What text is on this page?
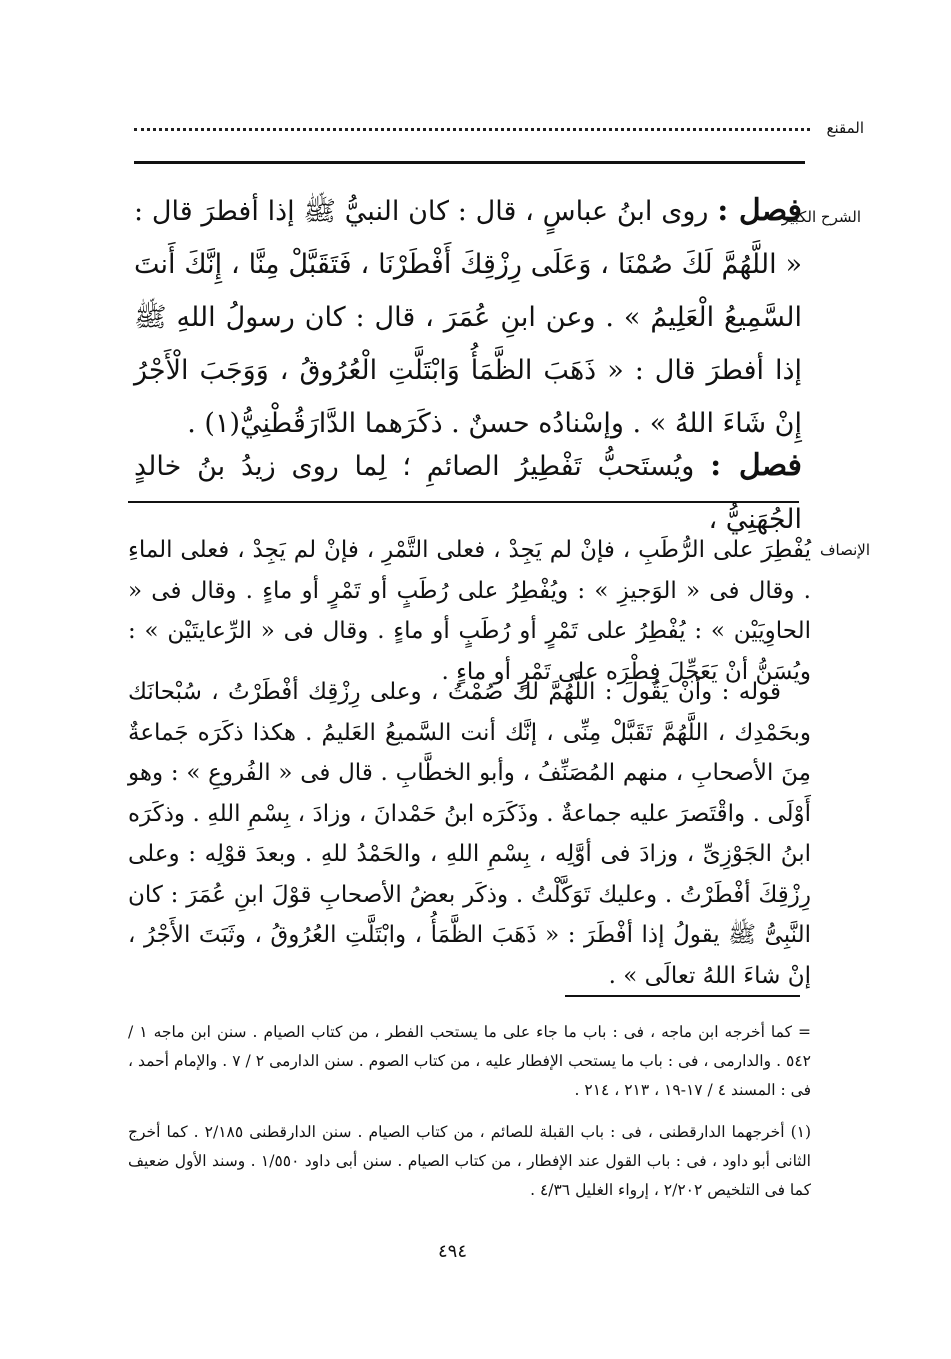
المقنع
الشرح الكبير
فصل : روى ابنُ عباسٍ ، قال : كان النبيُّ ﷺ إذا أفطرَ قال : « اللَّهُمَّ لَكَ صُمْنَا ، وَعَلَى رِزْقِكَ أَفْطَرْنَا ، فَتَقَبَّلْ مِنَّا ، إِنَّكَ أَنتَ السَّمِيعُ الْعَلِيمُ » . وعن ابنِ عُمَرَ ، قال : كان رسولُ اللهِ ﷺ إذا أفطرَ قال : « ذَهَبَ الظَّمَأُ وَابْتَلَّتِ الْعُرُوقُ ، وَوَجَبَ الْأَجْرُ إِنْ شَاءَ اللهُ » . وإسْنادُه حسنٌ . ذكَرَهما الدَّارَقُطْنِيُّ(١) .
فصل : ويُستَحبُّ تَفْطِيرُ الصائمِ ؛ لِما روى زيدُ بنُ خالدٍ الجُهَنِيُّ ،
الإنصاف
يُفْطِرَ على الرُّطَبِ ، فإنْ لم يَجِدْ ، فعلى التَّمْرِ ، فإنْ لم يَجِدْ ، فعلى الماءِ . وقال فى « الوَجيزِ » : ويُفْطِرُ على رُطَبٍ أو تَمْرٍ أو ماءٍ . وقال فى « الحاوِيَيْن » : يُفْطِرُ على تَمْرٍ أو رُطَبٍ أو ماءٍ . وقال فى « الرِّعايتَيْن » : ويُسَنُّ أنْ يَعَجِّلَ فِطْرَه على تَمْرٍ أو ماءٍ .
قوله : وأنْ يَقُولَ : اللَّهُمَّ لك صُمْتُ ، وعلى رِزْقِك أفْطَرْتُ ، سُبْحانَك وبحَمْدِك ، اللَّهُمَّ تَقَبَّلْ مِنِّى ، إنَّك أنت السَّميعُ العَليمُ . هكذا ذكَرَه جَماعةٌ مِنَ الأصحابِ ، منهم المُصَنِّفُ ، وأبو الخطَّابِ . قال فى « الفُروعِ » : وهو أَوْلَى . واقْتَصرَ عليه جماعةٌ . وذَكَرَه ابنُ حَمْدانَ ، وزادَ ، بِسْمِ اللهِ . وذكَرَه ابنُ الجَوْزِىِّ ، وزادَ فى أوَّلِه ، بِسْمِ اللهِ ، والحَمْدُ للهِ . وبعدَ قوْلِه : وعلى رِزْقِكَ أفْطَرْتُ . وعليك تَوَكَّلْتُ . وذكَر بعضُ الأصحابِ قوْلَ ابنِ عُمَرَ : كان النَّبِىُّ ﷺ يقولُ إذا أفْطَرَ : « ذَهَبَ الظَّمَأُ ، وابْتَلَّتِ العُرُوقُ ، وثَبَتَ الأَجْرُ ، إنْ شاءَ اللهُ تعالَى » .
= كما أخرجه ابن ماجه ، فى : باب ما جاء على ما يستحب الفطر ، من كتاب الصيام . سنن ابن ماجه ١ / ٥٤٢ . والدارمى ، فى : باب ما يستحب الإفطار عليه ، من كتاب الصوم . سنن الدارمى ٢ / ٧ . والإمام أحمد ، فى : المسند ٤ / ١٧-١٩ ، ٢١٣ ، ٢١٤ .
(١) أخرجهما الدارقطنى ، فى : باب القبلة للصائم ، من كتاب الصيام . سنن الدارقطنى ٢/١٨٥ . كما أخرج الثانى أبو داود ، فى : باب القول عند الإفطار ، من كتاب الصيام . سنن أبى داود ١/٥٥٠ . وسند الأول ضعيف كما فى التلخيص ٢/٢٠٢ ، إرواء الغليل ٤/٣٦ .
٤٩٤
